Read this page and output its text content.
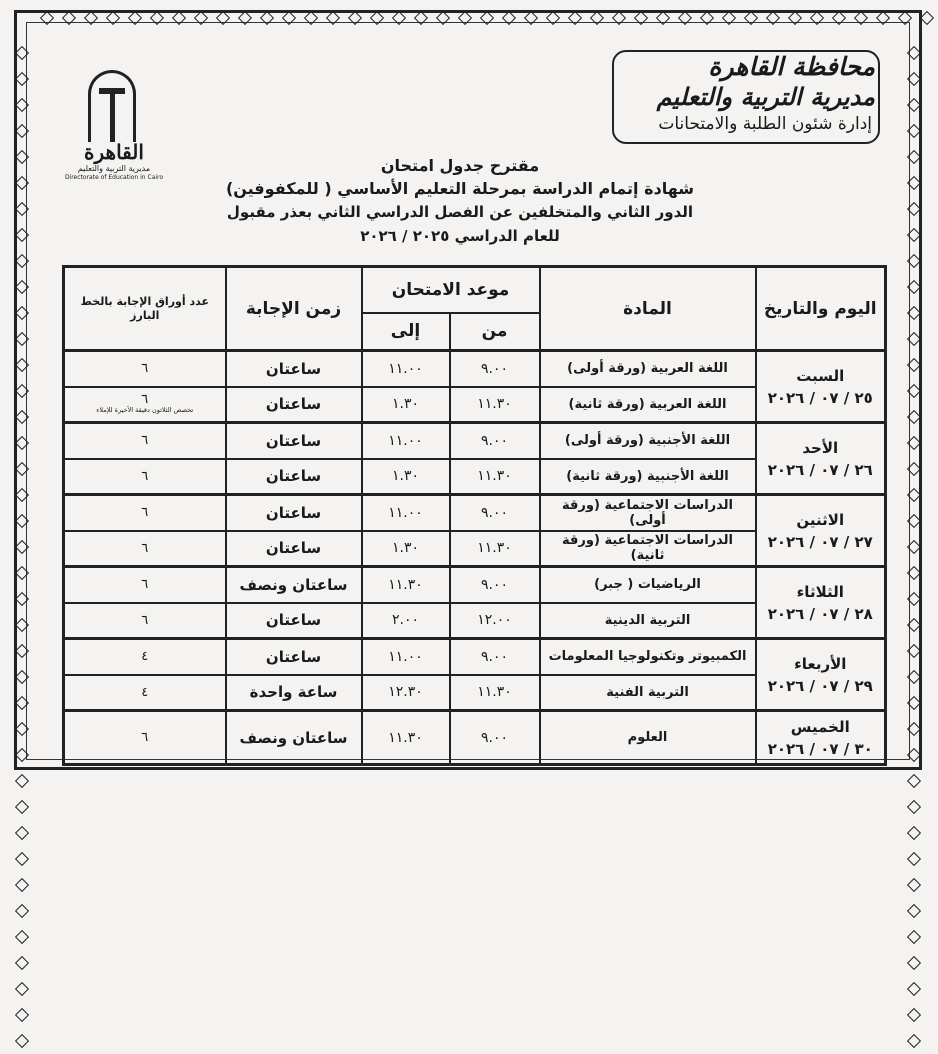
القاهرة
مديرية التربية والتعليم
Directorate of Education in Cairo
محافظة القاهرة
مديرية التربية والتعليم
إدارة شئون الطلبة والامتحانات
مقترح جدول امتحان
شهادة إتمام الدراسة بمرحلة التعليم الأساسي ( للمكفوفين)
الدور الثاني والمتخلفين عن الفصل الدراسي الثاني بعذر مقبول
للعام الدراسي ٢٠٢٥ / ٢٠٢٦
اليوم والتاريخ	المادة	موعد الامتحان		زمن الإجابة	عدد أوراق الإجابة بالخط البارز
		من	إلى		
السبت
٢٥ / ٠٧ / ٢٠٢٦	اللغة العربية (ورقة أولى)	٩.٠٠	١١.٠٠	ساعتان	٦
	اللغة العربية (ورقة ثانية)	١١.٣٠	١.٣٠	ساعتان	٦
تخصص الثلاثون دقيقة الأخيرة للإملاء

الأحد
٢٦ / ٠٧ / ٢٠٢٦	اللغة الأجنبية (ورقة أولى)	٩.٠٠	١١.٠٠	ساعتان	٦
	اللغة الأجنبية (ورقة ثانية)	١١.٣٠	١.٣٠	ساعتان	٦
الاثنين
٢٧ / ٠٧ / ٢٠٢٦	الدراسات الاجتماعية (ورقة أولى)	٩.٠٠	١١.٠٠	ساعتان	٦
	الدراسات الاجتماعية (ورقة ثانية)	١١.٣٠	١.٣٠	ساعتان	٦
الثلاثاء
٢٨ / ٠٧ / ٢٠٢٦	الرياضيات ( جبر)	٩.٠٠	١١.٣٠	ساعتان ونصف	٦
	التربية الدينية	١٢.٠٠	٢.٠٠	ساعتان	٦
الأربعاء
٢٩ / ٠٧ / ٢٠٢٦	الكمبيوتر وتكنولوجيا المعلومات	٩.٠٠	١١.٠٠	ساعتان	٤
	التربية الفنية	١١.٣٠	١٢.٣٠	ساعة واحدة	٤
الخميس
٣٠ / ٠٧ / ٢٠٢٦	العلوم	٩.٠٠	١١.٣٠	ساعتان ونصف	٦
